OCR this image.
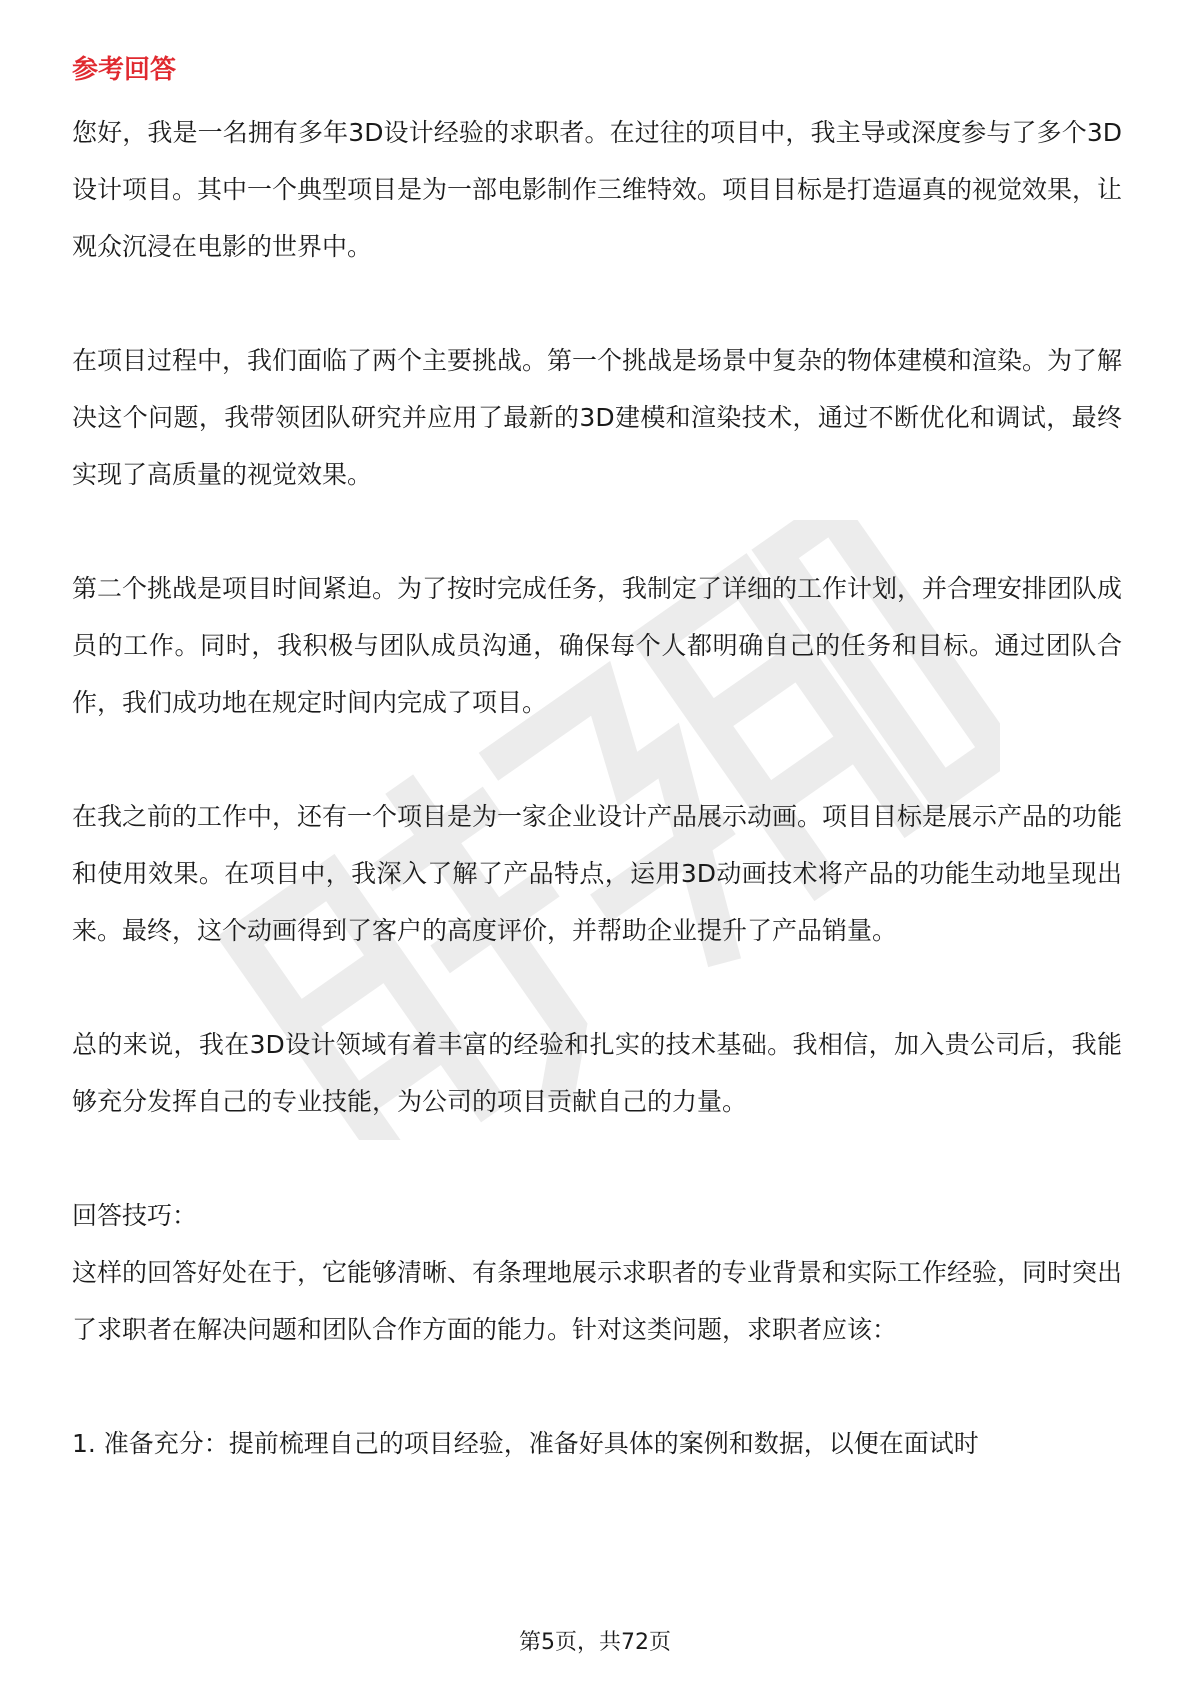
参考回答

您好，我是一名拥有多年3D设计经验的求职者。在过往的项目中，我主导或深度参与了多个3D设计项目。其中一个典型项目是为一部电影制作三维特效。项目目标是打造逼真的视觉效果，让观众沉浸在电影的世界中。

在项目过程中，我们面临了两个主要挑战。第一个挑战是场景中复杂的物体建模和渲染。为了解决这个问题，我带领团队研究并应用了最新的3D建模和渲染技术，通过不断优化和调试，最终实现了高质量的视觉效果。

第二个挑战是项目时间紧迫。为了按时完成任务，我制定了详细的工作计划，并合理安排团队成员的工作。同时，我积极与团队成员沟通，确保每个人都明确自己的任务和目标。通过团队合作，我们成功地在规定时间内完成了项目。

在我之前的工作中，还有一个项目是为一家企业设计产品展示动画。项目目标是展示产品的功能和使用效果。在项目中，我深入了解了产品特点，运用3D动画技术将产品的功能生动地呈现出来。最终，这个动画得到了客户的高度评价，并帮助企业提升了产品销量。

总的来说，我在3D设计领域有着丰富的经验和扎实的技术基础。我相信，加入贵公司后，我能够充分发挥自己的专业技能，为公司的项目贡献自己的力量。

回答技巧：

这样的回答好处在于，它能够清晰、有条理地展示求职者的专业背景和实际工作经验，同时突出了求职者在解决问题和团队合作方面的能力。针对这类问题，求职者应该：

1. 准备充分：提前梳理自己的项目经验，准备好具体的案例和数据，以便在面试时

第5页，共72页
